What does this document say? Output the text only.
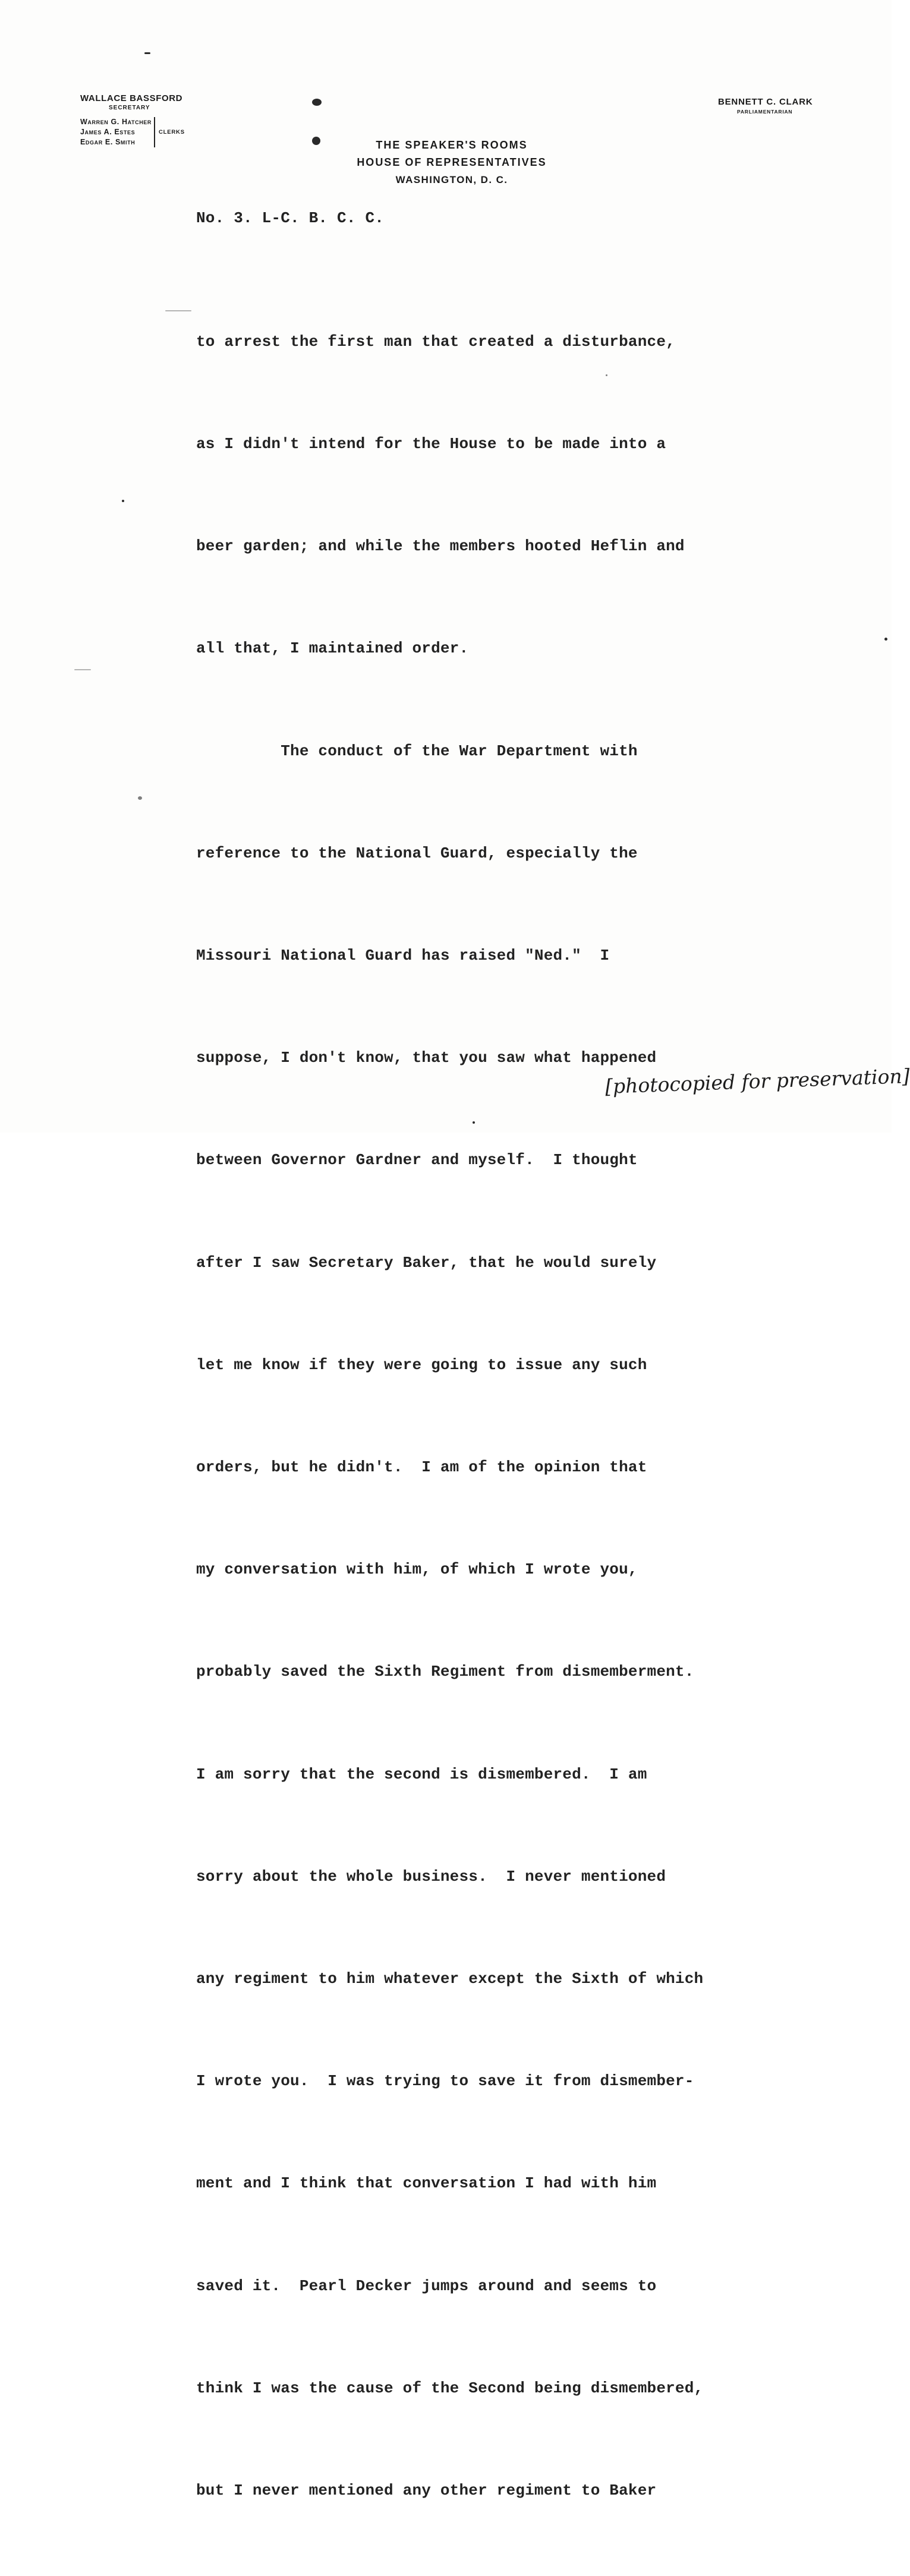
WALLACE BASSFORD
SECRETARY
Warren G. Hatcher
James A. Estes
Edgar E. Smith
CLERKS
THE SPEAKER'S ROOMS
HOUSE OF REPRESENTATIVES
WASHINGTON, D. C.
BENNETT C. CLARK
PARLIAMENTARIAN
No. 3. L-C. B. C. C.

to arrest the first man that created a disturbance,

as I didn't intend for the House to be made into a

beer garden; and while the members hooted Heflin and

all that, I maintained order.

The conduct of the War Department with

reference to the National Guard, especially the

Missouri National Guard has raised "Ned."  I

suppose, I don't know, that you saw what happened

between Governor Gardner and myself.  I thought

after I saw Secretary Baker, that he would surely

let me know if they were going to issue any such

orders, but he didn't.  I am of the opinion that

my conversation with him, of which I wrote you,

probably saved the Sixth Regiment from dismemberment.

I am sorry that the second is dismembered.  I am

sorry about the whole business.  I never mentioned

any regiment to him whatever except the Sixth of which

I wrote you.  I was trying to save it from dismember-

ment and I think that conversation I had with him

saved it.  Pearl Decker jumps around and seems to

think I was the cause of the Second being dismembered,

but I never mentioned any other regiment to Baker

[photocopied for preservation]
